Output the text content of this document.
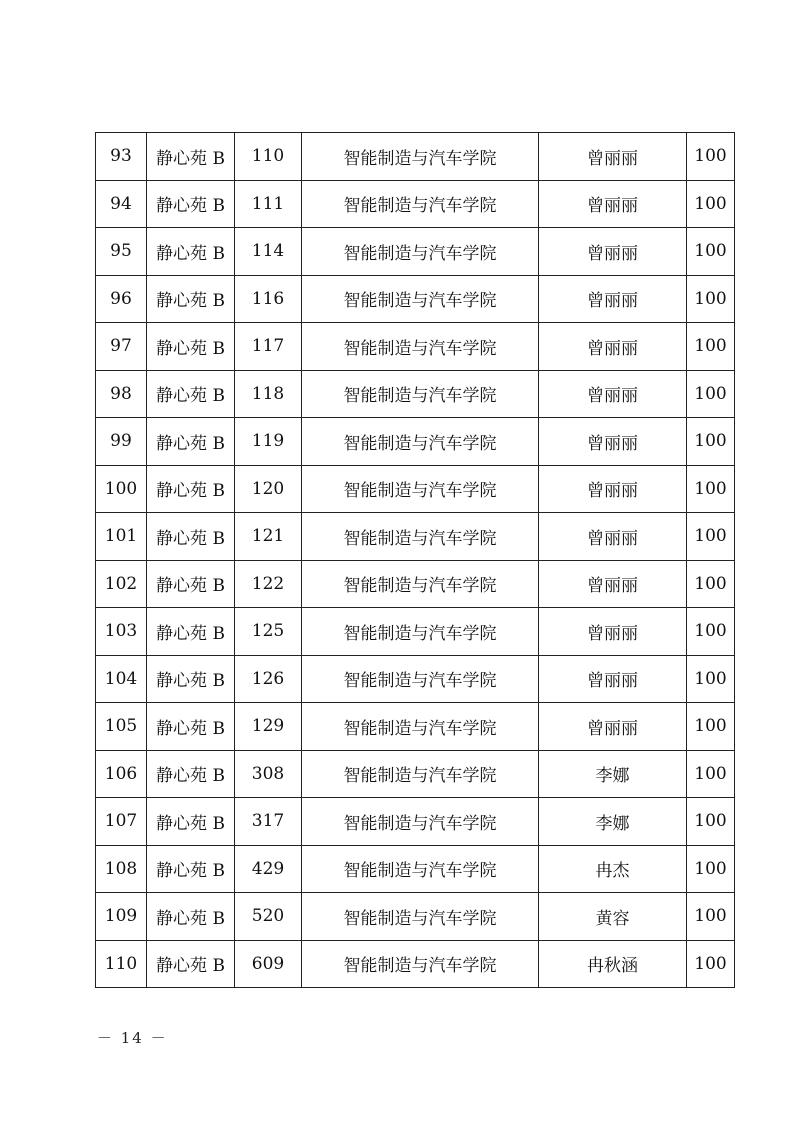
93	静心苑 B	110	智能制造与汽车学院	曾丽丽	100
94	静心苑 B	111	智能制造与汽车学院	曾丽丽	100
95	静心苑 B	114	智能制造与汽车学院	曾丽丽	100
96	静心苑 B	116	智能制造与汽车学院	曾丽丽	100
97	静心苑 B	117	智能制造与汽车学院	曾丽丽	100
98	静心苑 B	118	智能制造与汽车学院	曾丽丽	100
99	静心苑 B	119	智能制造与汽车学院	曾丽丽	100
100	静心苑 B	120	智能制造与汽车学院	曾丽丽	100
101	静心苑 B	121	智能制造与汽车学院	曾丽丽	100
102	静心苑 B	122	智能制造与汽车学院	曾丽丽	100
103	静心苑 B	125	智能制造与汽车学院	曾丽丽	100
104	静心苑 B	126	智能制造与汽车学院	曾丽丽	100
105	静心苑 B	129	智能制造与汽车学院	曾丽丽	100
106	静心苑 B	308	智能制造与汽车学院	李娜	100
107	静心苑 B	317	智能制造与汽车学院	李娜	100
108	静心苑 B	429	智能制造与汽车学院	冉杰	100
109	静心苑 B	520	智能制造与汽车学院	黄容	100
110	静心苑 B	609	智能制造与汽车学院	冉秋涵	100
－ 14 －
